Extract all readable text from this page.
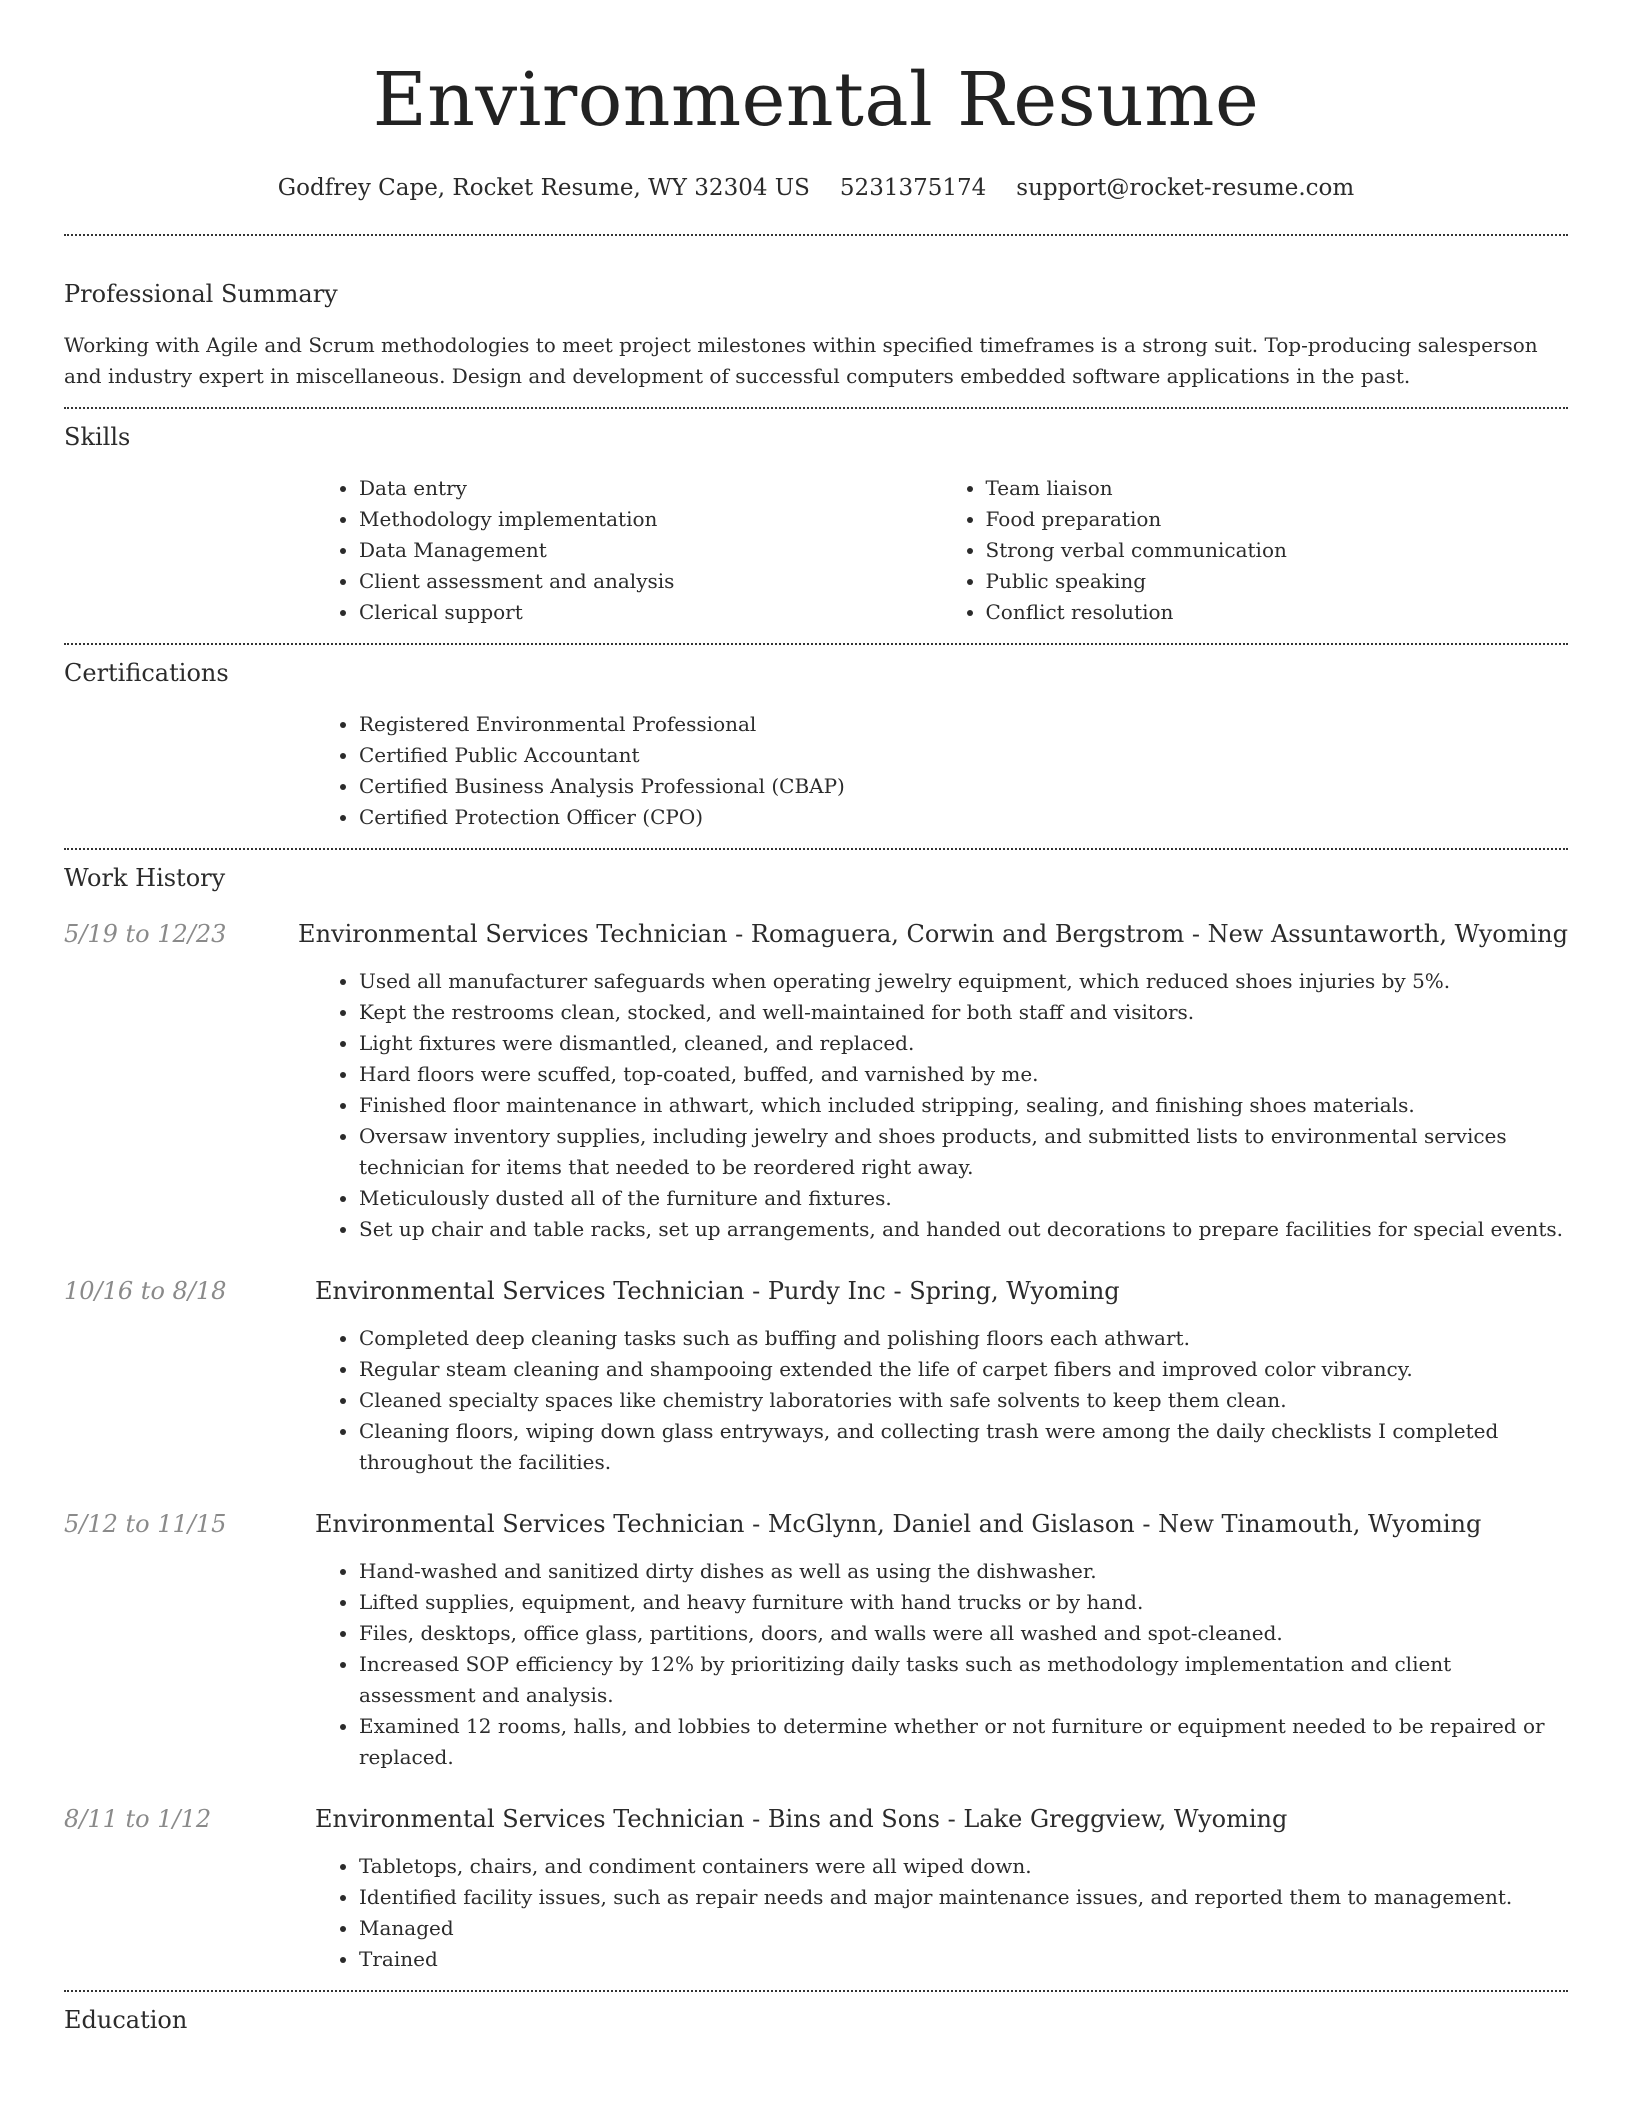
Environmental Resume
Godfrey Cape, Rocket Resume, WY 32304 US 5231375174 support@rocket-resume.com
Professional Summary

Working with Agile and Scrum methodologies to meet project milestones within specified timeframes is a strong suit. Top-producing salesperson and industry expert in miscellaneous. Design and development of successful computers embedded software applications in the past.

Skills
• Data entry
• Methodology implementation
• Data Management
• Client assessment and analysis
• Clerical support
• Team liaison
• Food preparation
• Strong verbal communication
• Public speaking
• Conflict resolution
Certifications
• Registered Environmental Professional
• Certified Public Accountant
• Certified Business Analysis Professional (CBAP)
• Certified Protection Officer (CPO)
Work History
5/19 to 12/23	Environmental Services Technician - Romaguera, Corwin and Bergstrom - New Assuntaworth, Wyoming
• Used all manufacturer safeguards when operating jewelry equipment, which reduced shoes injuries by 5%.
• Kept the restrooms clean, stocked, and well-maintained for both staff and visitors.
• Light fixtures were dismantled, cleaned, and replaced.
• Hard floors were scuffed, top-coated, buffed, and varnished by me.
• Finished floor maintenance in athwart, which included stripping, sealing, and finishing shoes materials.
• Oversaw inventory supplies, including jewelry and shoes products, and submitted lists to environmental services technician for items that needed to be reordered right away.
• Meticulously dusted all of the furniture and fixtures.
• Set up chair and table racks, set up arrangements, and handed out decorations to prepare facilities for special events.
10/16 to 8/18	Environmental Services Technician - Purdy Inc - Spring, Wyoming
• Completed deep cleaning tasks such as buffing and polishing floors each athwart.
• Regular steam cleaning and shampooing extended the life of carpet fibers and improved color vibrancy.
• Cleaned specialty spaces like chemistry laboratories with safe solvents to keep them clean.
• Cleaning floors, wiping down glass entryways, and collecting trash were among the daily checklists I completed throughout the facilities.
5/12 to 11/15	Environmental Services Technician - McGlynn, Daniel and Gislason - New Tinamouth, Wyoming
• Hand-washed and sanitized dirty dishes as well as using the dishwasher.
• Lifted supplies, equipment, and heavy furniture with hand trucks or by hand.
• Files, desktops, office glass, partitions, doors, and walls were all washed and spot-cleaned.
• Increased SOP efficiency by 12% by prioritizing daily tasks such as methodology implementation and client assessment and analysis.
• Examined 12 rooms, halls, and lobbies to determine whether or not furniture or equipment needed to be repaired or replaced.
8/11 to 1/12	Environmental Services Technician - Bins and Sons - Lake Greggview, Wyoming
• Tabletops, chairs, and condiment containers were all wiped down.
• Identified facility issues, such as repair needs and major maintenance issues, and reported them to management.
• Managed
• Trained
Education
